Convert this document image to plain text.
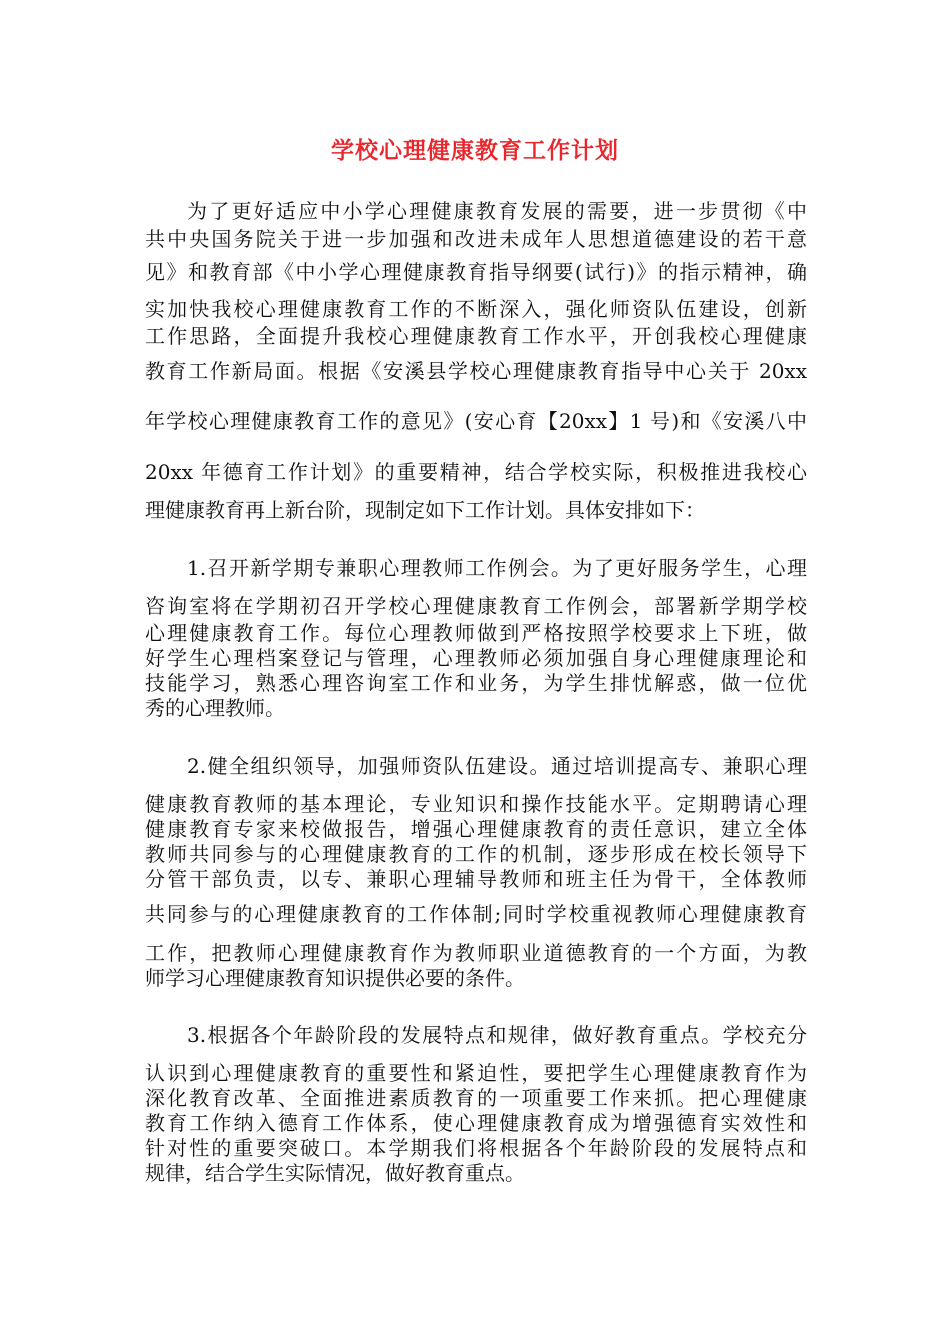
学校心理健康教育工作计划

为了更好适应中小学心理健康教育发展的需要，进一步贯彻《中

共中央国务院关于进一步加强和改进未成年人思想道德建设的若干意

见》和教育部《中小学心理健康教育指导纲要(试行)》的指示精神，确

实加快我校心理健康教育工作的不断深入，强化师资队伍建设，创新

工作思路，全面提升我校心理健康教育工作水平，开创我校心理健康

教育工作新局面。根据《安溪县学校心理健康教育指导中心关于 20xx

年学校心理健康教育工作的意见》(安心育【20xx】1 号)和《安溪八中

20xx 年德育工作计划》的重要精神，结合学校实际，积极推进我校心

理健康教育再上新台阶，现制定如下工作计划。具体安排如下：

1.召开新学期专兼职心理教师工作例会。为了更好服务学生，心理

咨询室将在学期初召开学校心理健康教育工作例会，部署新学期学校

心理健康教育工作。每位心理教师做到严格按照学校要求上下班，做

好学生心理档案登记与管理，心理教师必须加强自身心理健康理论和

技能学习，熟悉心理咨询室工作和业务，为学生排忧解惑，做一位优

秀的心理教师。

2.健全组织领导，加强师资队伍建设。通过培训提高专、兼职心理

健康教育教师的基本理论，专业知识和操作技能水平。定期聘请心理

健康教育专家来校做报告，增强心理健康教育的责任意识，建立全体

教师共同参与的心理健康教育的工作的机制，逐步形成在校长领导下

分管干部负责，以专、兼职心理辅导教师和班主任为骨干，全体教师

共同参与的心理健康教育的工作体制;同时学校重视教师心理健康教育

工作，把教师心理健康教育作为教师职业道德教育的一个方面，为教

师学习心理健康教育知识提供必要的条件。

3.根据各个年龄阶段的发展特点和规律，做好教育重点。学校充分

认识到心理健康教育的重要性和紧迫性，要把学生心理健康教育作为

深化教育改革、全面推进素质教育的一项重要工作来抓。把心理健康

教育工作纳入德育工作体系，使心理健康教育成为增强德育实效性和

针对性的重要突破口。本学期我们将根据各个年龄阶段的发展特点和

规律，结合学生实际情况，做好教育重点。
